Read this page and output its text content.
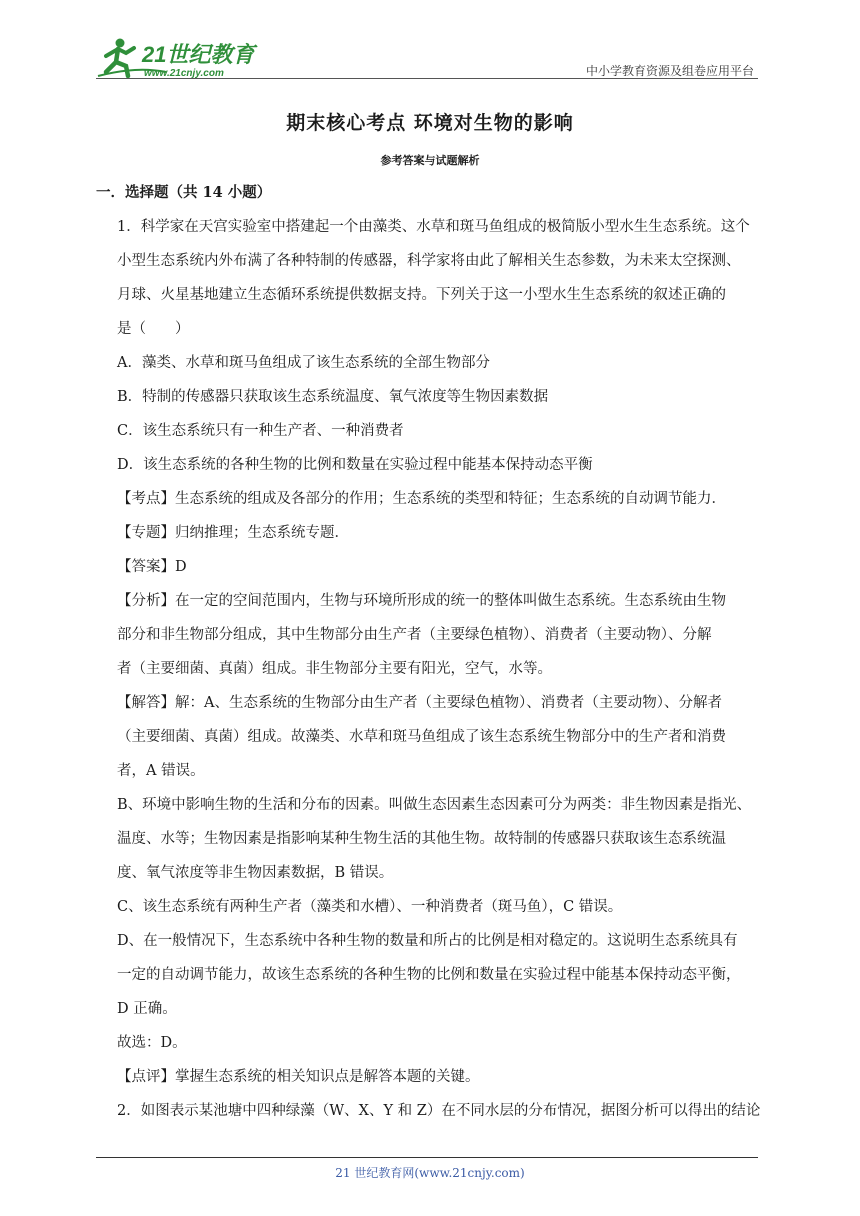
21世纪教育
www.21cnjy.com	中小学教育资源及组卷应用平台
期末核心考点 环境对生物的影响
参考答案与试题解析
一．选择题（共 14 小题）
1．科学家在天宫实验室中搭建起一个由藻类、水草和斑马鱼组成的极简版小型水生生态系统。这个
小型生态系统内外布满了各种特制的传感器，科学家将由此了解相关生态参数，为未来太空探测、
月球、火星基地建立生态循环系统提供数据支持。下列关于这一小型水生生态系统的叙述正确的
是（　　）
A．藻类、水草和斑马鱼组成了该生态系统的全部生物部分
B．特制的传感器只获取该生态系统温度、氧气浓度等生物因素数据
C．该生态系统只有一种生产者、一种消费者
D．该生态系统的各种生物的比例和数量在实验过程中能基本保持动态平衡
【考点】生态系统的组成及各部分的作用；生态系统的类型和特征；生态系统的自动调节能力．
【专题】归纳推理；生态系统专题．
【答案】D
【分析】在一定的空间范围内，生物与环境所形成的统一的整体叫做生态系统。生态系统由生物
部分和非生物部分组成，其中生物部分由生产者（主要绿色植物）、消费者（主要动物）、分解
者（主要细菌、真菌）组成。非生物部分主要有阳光，空气，水等。
【解答】解：A、生态系统的生物部分由生产者（主要绿色植物）、消费者（主要动物）、分解者
（主要细菌、真菌）组成。故藻类、水草和斑马鱼组成了该生态系统生物部分中的生产者和消费
者，A 错误。
B、环境中影响生物的生活和分布的因素。叫做生态因素生态因素可分为两类：非生物因素是指光、
温度、水等；生物因素是指影响某种生物生活的其他生物。故特制的传感器只获取该生态系统温
度、氧气浓度等非生物因素数据，B 错误。
C、该生态系统有两种生产者（藻类和水槽）、一种消费者（斑马鱼），C 错误。
D、在一般情况下，生态系统中各种生物的数量和所占的比例是相对稳定的。这说明生态系统具有
一定的自动调节能力，故该生态系统的各种生物的比例和数量在实验过程中能基本保持动态平衡，
D 正确。
故选：D。
【点评】掌握生态系统的相关知识点是解答本题的关键。
2．如图表示某池塘中四种绿藻（W、X、Y 和 Z）在不同水层的分布情况，据图分析可以得出的结论
21 世纪教育网(www.21cnjy.com)
